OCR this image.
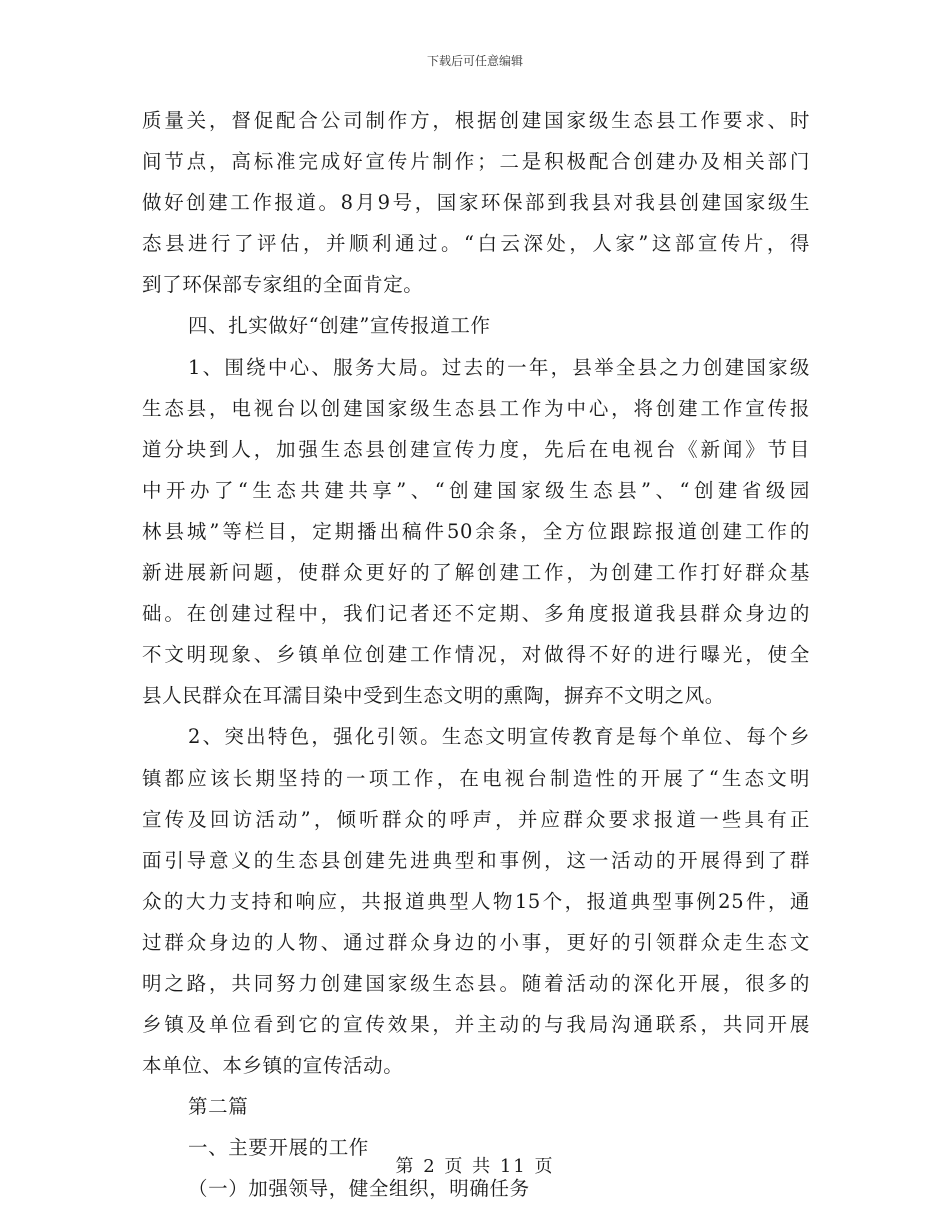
下载后可任意编辑
质量关，督促配合公司制作方，根据创建国家级生态县工作要求、时
间节点，高标准完成好宣传片制作；二是积极配合创建办及相关部门
做好创建工作报道。8月9号，国家环保部到我县对我县创建国家级生
态县进行了评估，并顺利通过。“白云深处，人家”这部宣传片，得
到了环保部专家组的全面肯定。
四、扎实做好“创建”宣传报道工作
1、围绕中心、服务大局。过去的一年，县举全县之力创建国家级
生态县，电视台以创建国家级生态县工作为中心，将创建工作宣传报
道分块到人，加强生态县创建宣传力度，先后在电视台《新闻》节目
中开办了“生态共建共享”、“创建国家级生态县”、“创建省级园
林县城”等栏目，定期播出稿件50余条，全方位跟踪报道创建工作的
新进展新问题，使群众更好的了解创建工作，为创建工作打好群众基
础。在创建过程中，我们记者还不定期、多角度报道我县群众身边的
不文明现象、乡镇单位创建工作情况，对做得不好的进行曝光，使全
县人民群众在耳濡目染中受到生态文明的熏陶，摒弃不文明之风。
2、突出特色，强化引领。生态文明宣传教育是每个单位、每个乡
镇都应该长期坚持的一项工作，在电视台制造性的开展了“生态文明
宣传及回访活动”，倾听群众的呼声，并应群众要求报道一些具有正
面引导意义的生态县创建先进典型和事例，这一活动的开展得到了群
众的大力支持和响应，共报道典型人物15个，报道典型事例25件，通
过群众身边的人物、通过群众身边的小事，更好的引领群众走生态文
明之路，共同努力创建国家级生态县。随着活动的深化开展，很多的
乡镇及单位看到它的宣传效果，并主动的与我局沟通联系，共同开展
本单位、本乡镇的宣传活动。
第二篇
一、主要开展的工作
（一）加强领导，健全组织，明确任务
第 2 页 共 11 页
